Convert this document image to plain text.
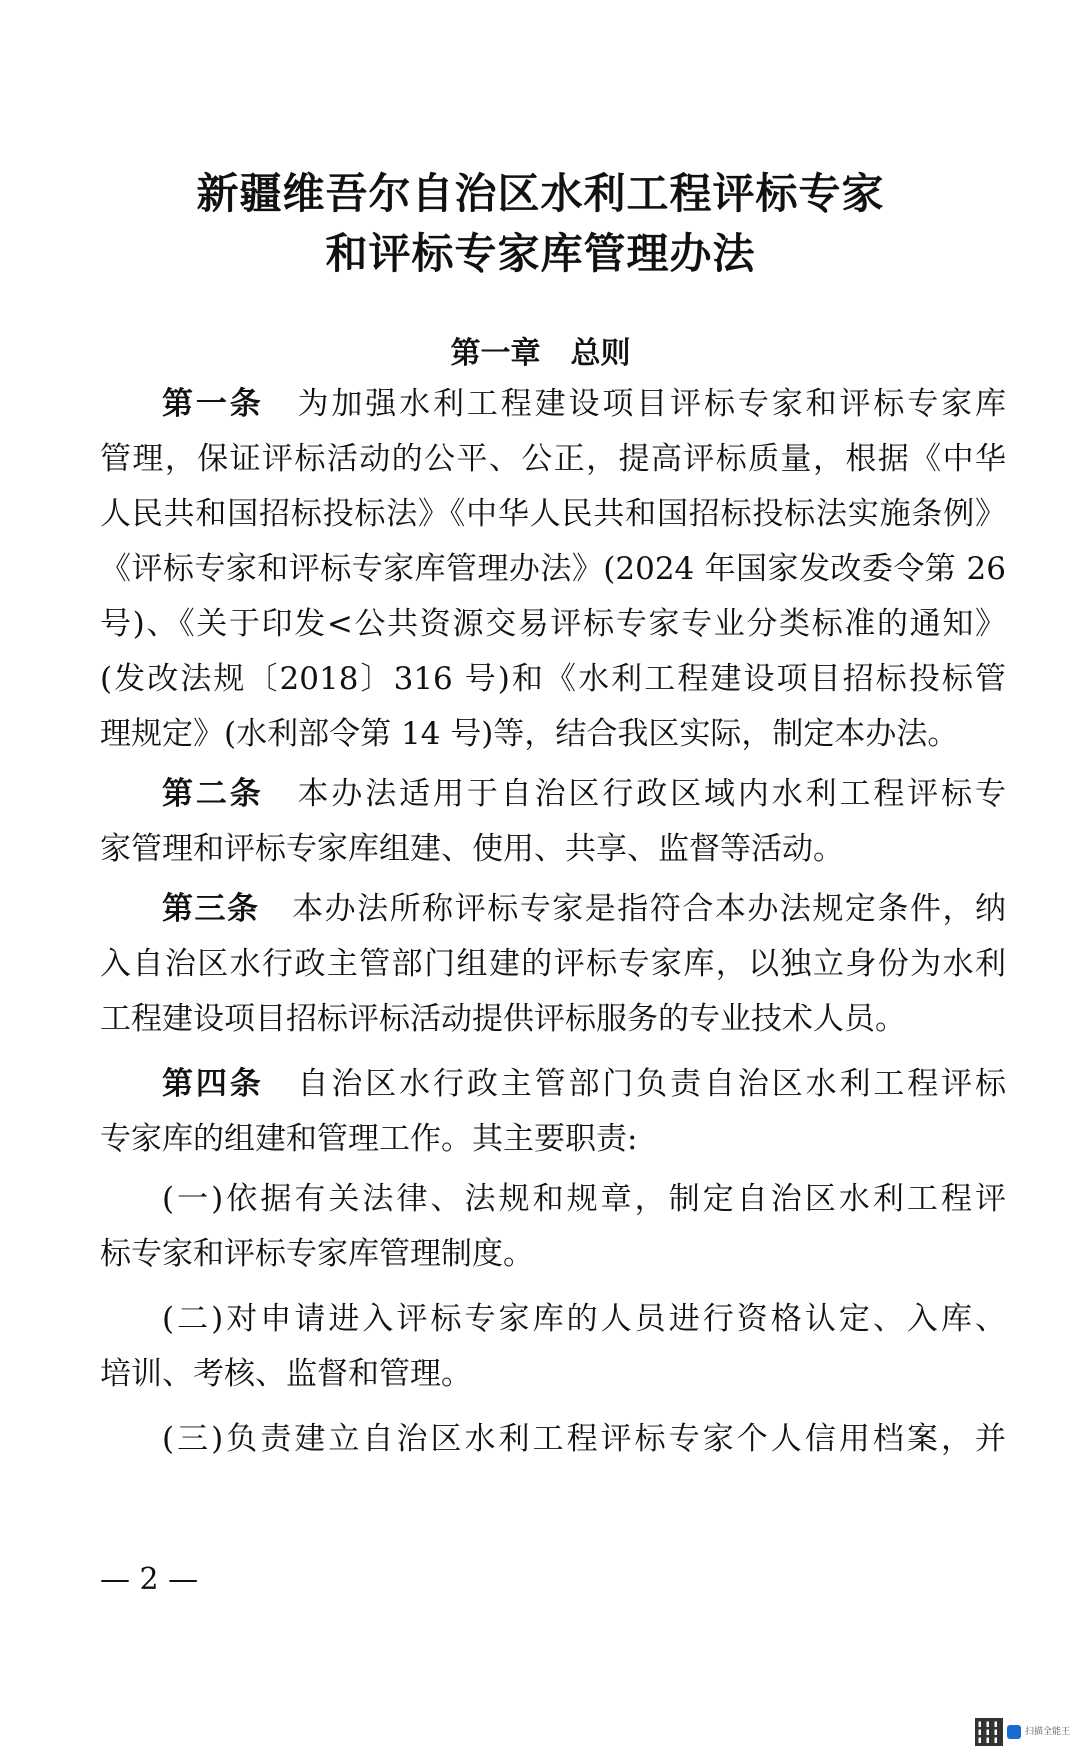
新疆维吾尔自治区水利工程评标专家
和评标专家库管理办法
第一章 总则
第一条　 为加强水利工程建设项目评标专家和评标专家库
管理，保证评标活动的公平、公正，提高评标质量，根据《中华
人民共和国招标投标法》《中华人民共和国招标投标法实施条例》
《评标专家和评标专家库管理办法》(2024 年国家发改委令第 26
号)、《关于印发<公共资源交易评标专家专业分类标准的通知》
(发改法规〔2018〕316 号)和《水利工程建设项目招标投标管
理规定》(水利部令第 14 号)等，结合我区实际，制定本办法。
第二条　 本办法适用于自治区行政区域内水利工程评标专
家管理和评标专家库组建、使用、共享、监督等活动。
第三条　 本办法所称评标专家是指符合本办法规定条件，纳
入自治区水行政主管部门组建的评标专家库，以独立身份为水利
工程建设项目招标评标活动提供评标服务的专业技术人员。
第四条　 自治区水行政主管部门负责自治区水利工程评标
专家库的组建和管理工作。其主要职责:
(一)依据有关法律、法规和规章，制定自治区水利工程评
标专家和评标专家库管理制度。
(二)对申请进入评标专家库的人员进行资格认定、入库、
培训、考核、监督和管理。
(三)负责建立自治区水利工程评标专家个人信用档案，并
— 2 —
扫描全能王
